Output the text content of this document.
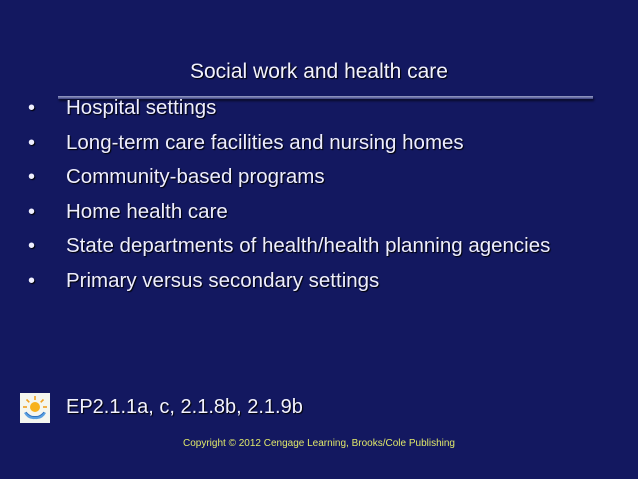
Social work and health care
• Hospital settings
• Long-term care facilities and nursing homes
• Community-based programs
• Home health care
• State departments of health/health planning agencies
• Primary versus secondary settings
EP2.1.1a, c, 2.1.8b, 2.1.9b
Copyright © 2012 Cengage Learning, Brooks/Cole Publishing
